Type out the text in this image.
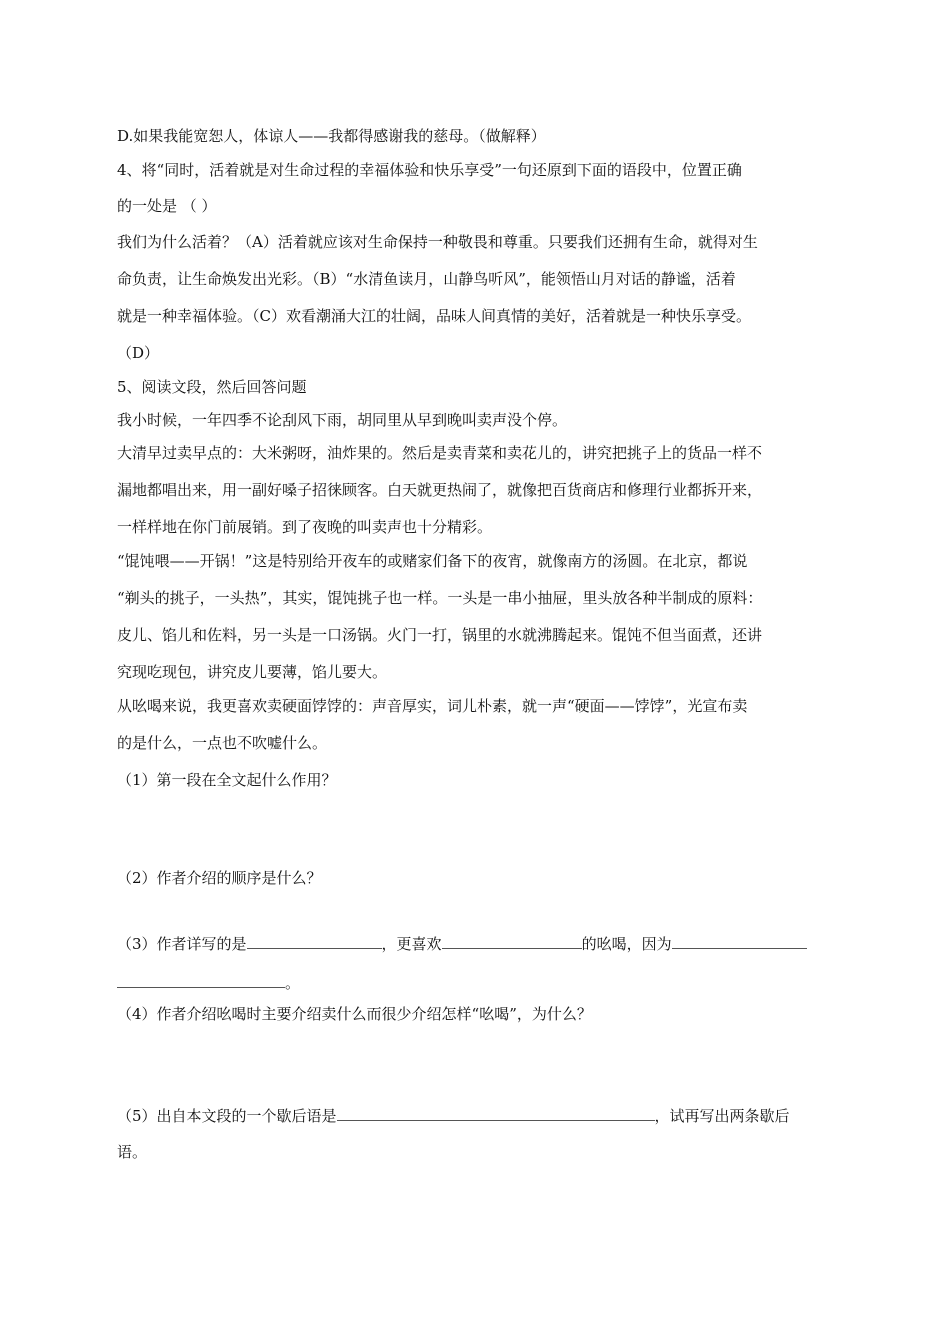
D.如果我能宽恕人，体谅人——我都得感谢我的慈母。（做解释）
4、将“同时，活着就是对生命过程的幸福体验和快乐享受”一句还原到下面的语段中，位置正确
的一处是 （ ）
我们为什么活着？（A）活着就应该对生命保持一种敬畏和尊重。只要我们还拥有生命，就得对生
命负责，让生命焕发出光彩。（B）“水清鱼读月，山静鸟听风”，能领悟山月对话的静谧，活着
就是一种幸福体验。（C）欢看潮涌大江的壮阔，品味人间真情的美好，活着就是一种快乐享受。
（D）
5、阅读文段，然后回答问题
我小时候，一年四季不论刮风下雨，胡同里从早到晚叫卖声没个停。
大清早过卖早点的：大米粥呀，油炸果的。然后是卖青菜和卖花儿的，讲究把挑子上的货品一样不
漏地都唱出来，用一副好嗓子招徕顾客。白天就更热闹了，就像把百货商店和修理行业都拆开来，
一样样地在你门前展销。到了夜晚的叫卖声也十分精彩。
“馄饨喂——开锅！”这是特别给开夜车的或赌家们备下的夜宵，就像南方的汤圆。在北京，都说
“剃头的挑子，一头热”，其实，馄饨挑子也一样。一头是一串小抽屉，里头放各种半制成的原料：
皮儿、馅儿和佐料，另一头是一口汤锅。火门一打，锅里的水就沸腾起来。馄饨不但当面煮，还讲
究现吃现包，讲究皮儿要薄，馅儿要大。
从吆喝来说，我更喜欢卖硬面饽饽的：声音厚实，词儿朴素，就一声“硬面——饽饽”，光宣布卖
的是什么，一点也不吹嘘什么。
（1）第一段在全文起什么作用？
（2）作者介绍的顺序是什么？
（3）作者详写的是	，更喜欢	的吆喝，因为
。
（4）作者介绍吆喝时主要介绍卖什么而很少介绍怎样“吆喝”，为什么？
（5）出自本文段的一个歇后语是	，试再写出两条歇后
语。
